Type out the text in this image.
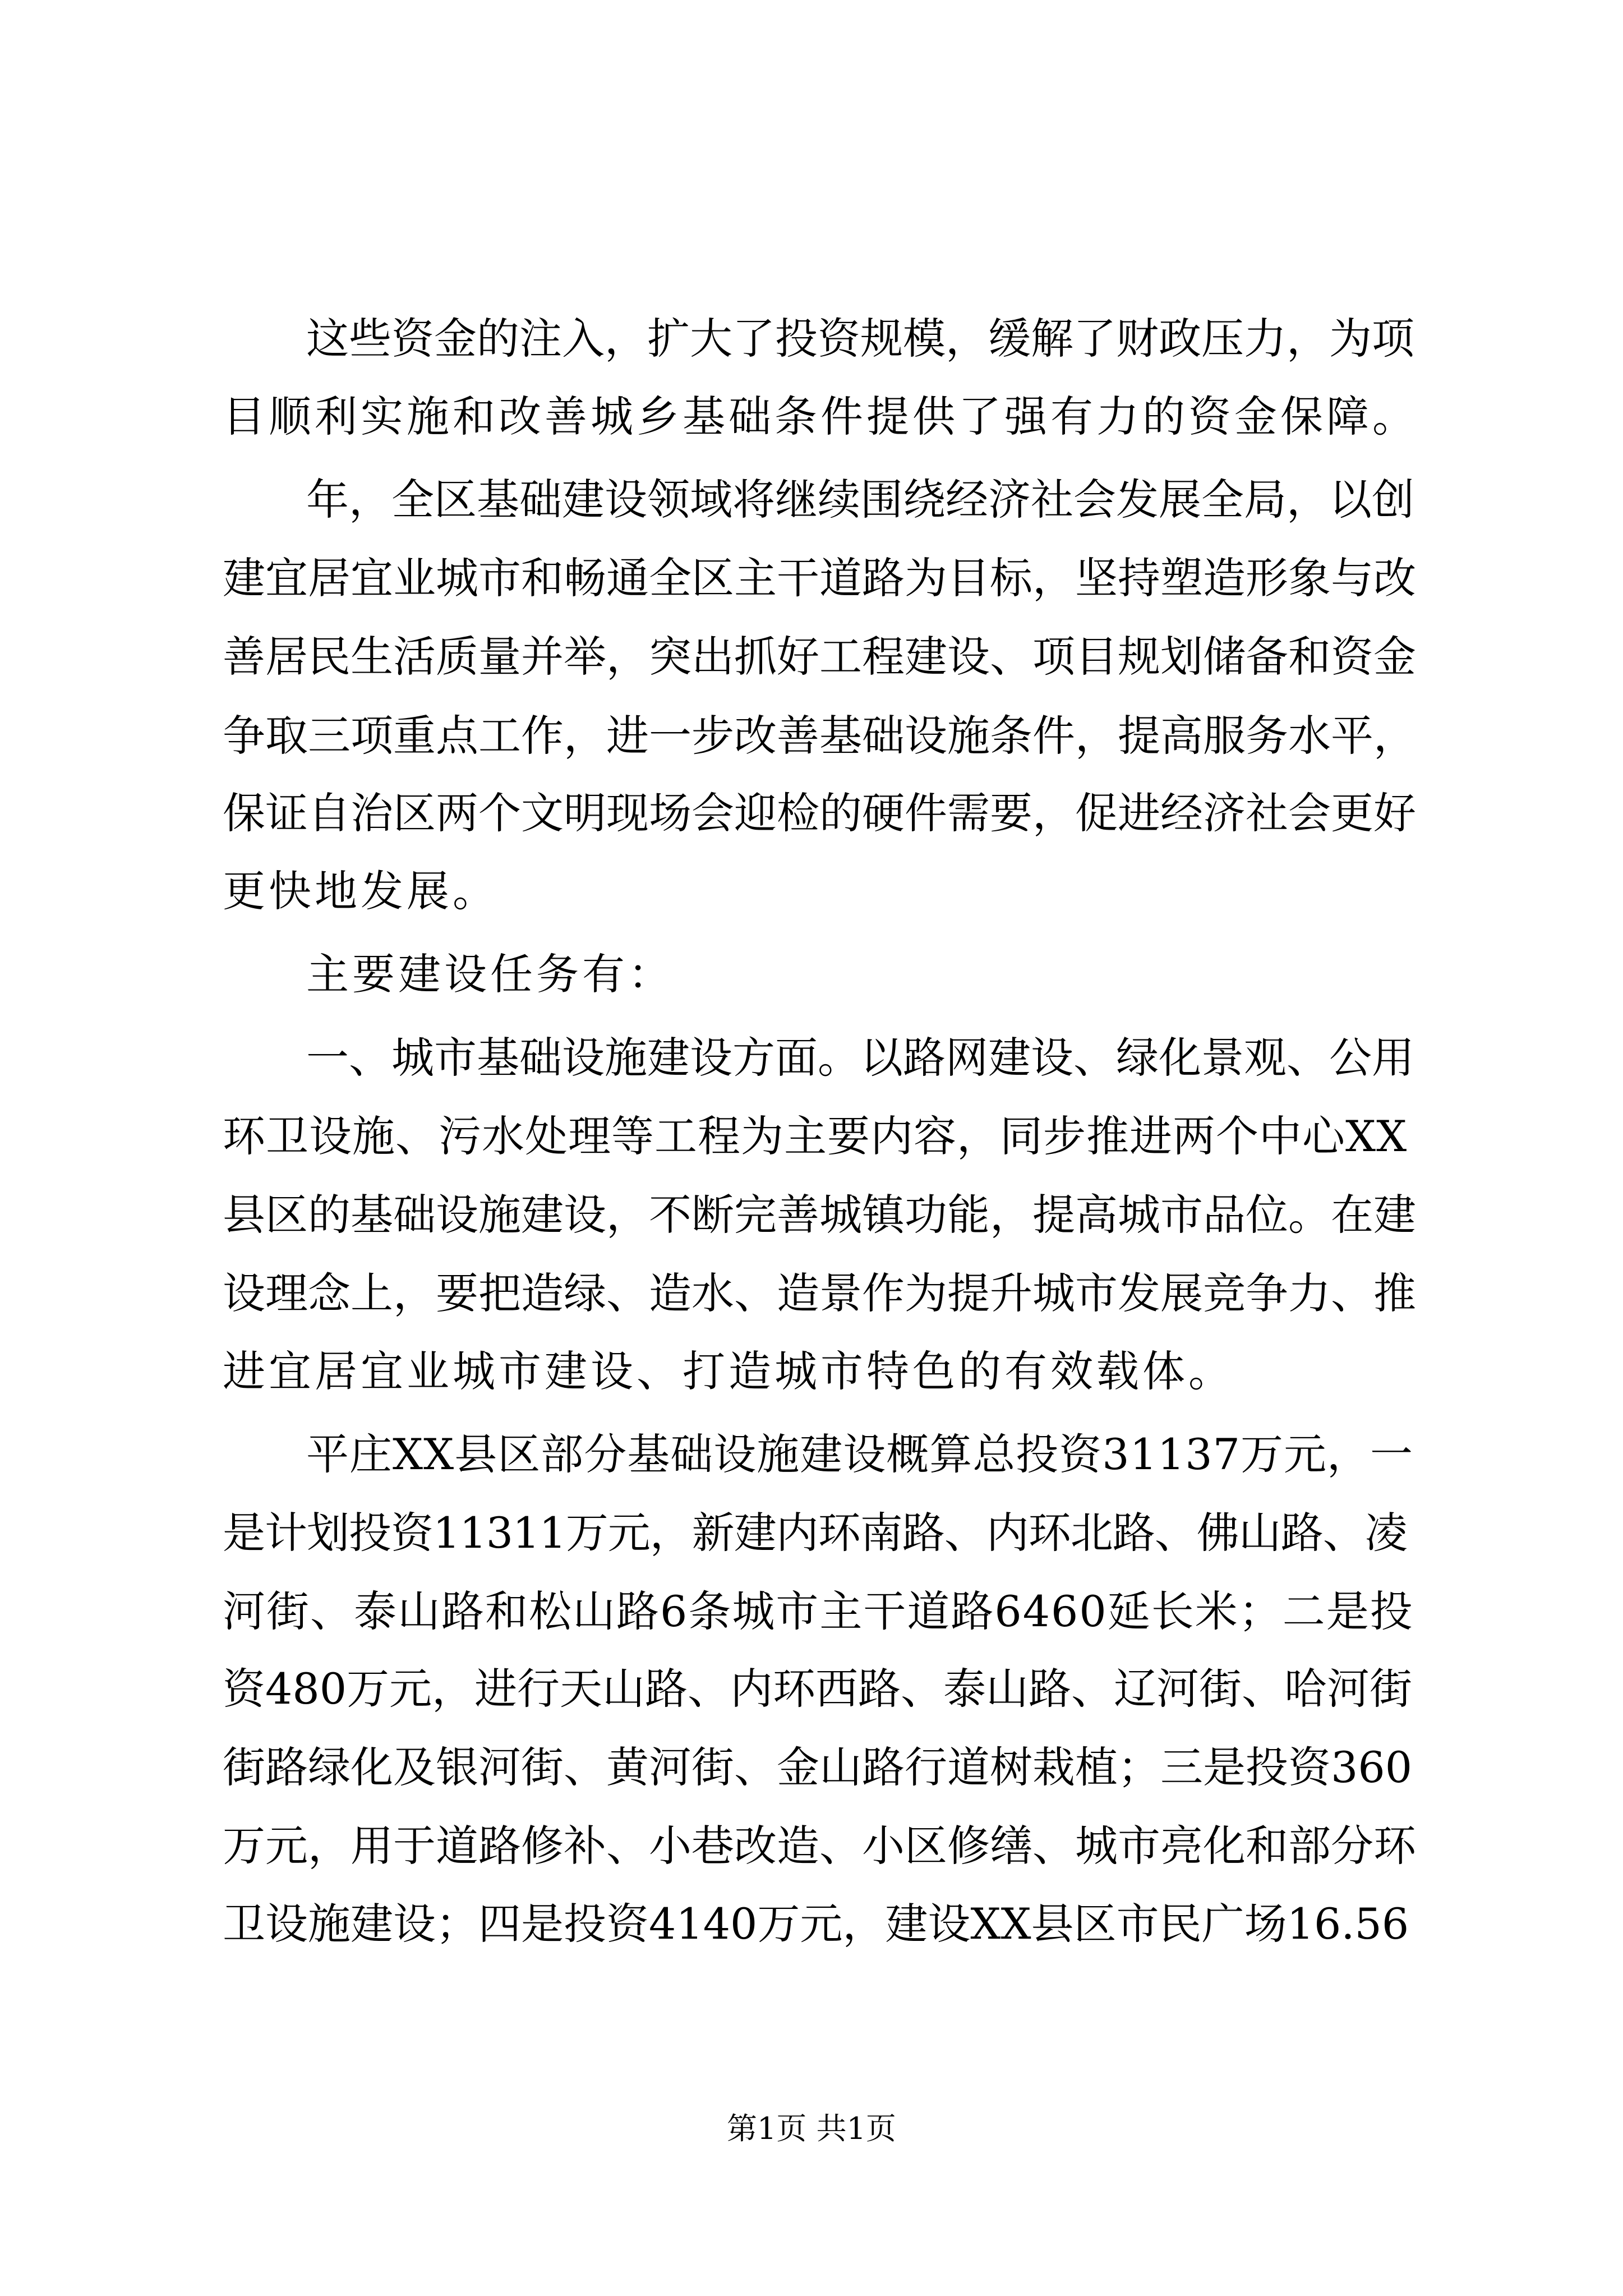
这些资金的注入，扩大了投资规模，缓解了财政压力，为项
目顺利实施和改善城乡基础条件提供了强有力的资金保障。
年，全区基础建设领域将继续围绕经济社会发展全局，以创
建宜居宜业城市和畅通全区主干道路为目标，坚持塑造形象与改
善居民生活质量并举，突出抓好工程建设、项目规划储备和资金
争取三项重点工作，进一步改善基础设施条件，提高服务水平，
保证自治区两个文明现场会迎检的硬件需要，促进经济社会更好
更快地发展。
主要建设任务有：
一、城市基础设施建设方面。以路网建设、绿化景观、公用
环卫设施、污水处理等工程为主要内容，同步推进两个中心XX
县区的基础设施建设，不断完善城镇功能，提高城市品位。在建
设理念上，要把造绿、造水、造景作为提升城市发展竞争力、推
进宜居宜业城市建设、打造城市特色的有效载体。
平庄XX县区部分基础设施建设概算总投资31137万元，一
是计划投资11311万元，新建内环南路、内环北路、佛山路、凌
河街、泰山路和松山路6条城市主干道路6460延长米；二是投
资480万元，进行天山路、内环西路、泰山路、辽河街、哈河街
街路绿化及银河街、黄河街、金山路行道树栽植；三是投资360
万元，用于道路修补、小巷改造、小区修缮、城市亮化和部分环
卫设施建设；四是投资4140万元，建设XX县区市民广场16.56
第1页 共1页
